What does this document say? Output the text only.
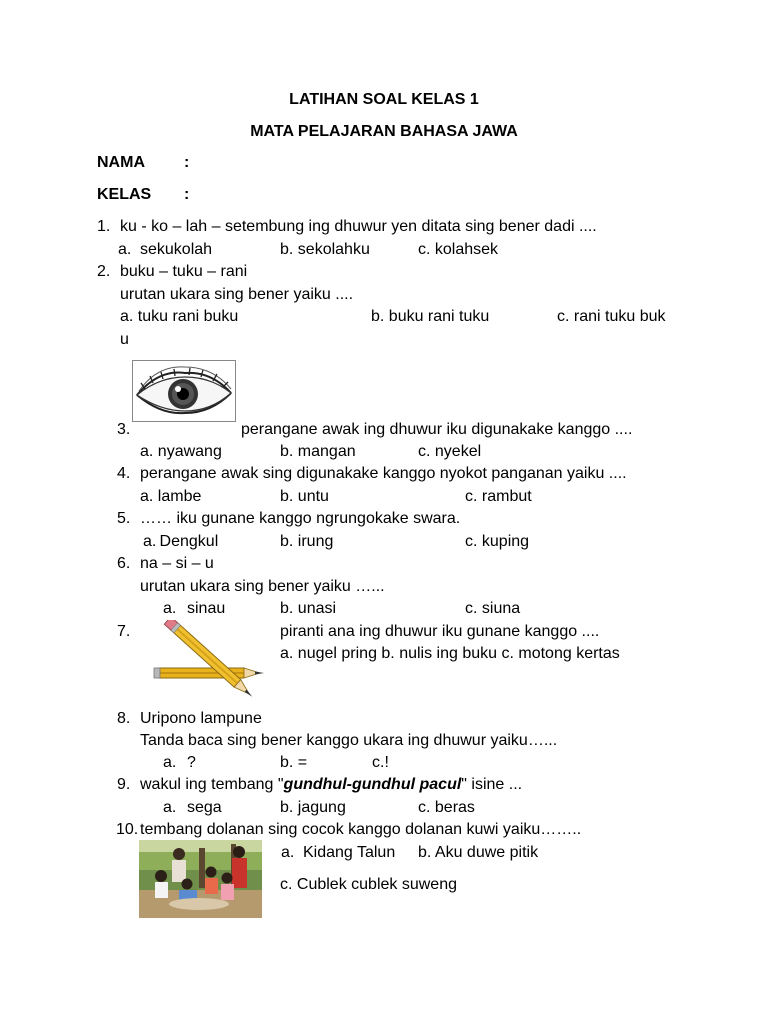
LATIHAN SOAL KELAS 1
MATA PELAJARAN BAHASA JAWA
NAMA :
KELAS :
1. ku - ko – lah – setembung ing dhuwur yen ditata sing bener dadi ....
a. sekukolah	b. sekolahku	c. kolahsek
2. buku – tuku – rani
urutan ukara sing bener yaiku ....
a. tuku rani buku	b. buku rani tuku	c. rani tuku buk
u
3.	perangane awak ing dhuwur iku digunakake kanggo ....
a. nyawang	b. mangan	c. nyekel
4. perangane awak sing digunakake kanggo nyokot panganan yaiku ....
a. lambe	b. untu	c. rambut
5. …… iku gunane kanggo ngrungokake swara.
a. Dengkul	b. irung	c. kuping
6. na – si – u
urutan ukara sing bener yaiku …...
a. sinau	b. unasi	c. siuna
7.	piranti ana ing dhuwur iku gunane kanggo ....
a. nugel pring b. nulis ing buku c. motong kertas
8. Uripono lampune
Tanda baca sing bener kanggo ukara ing dhuwur yaiku…...
a. ?	b. =	c.!
9. wakul ing tembang "gundhul-gundhul pacul" isine ...
a. sega	b. jagung	c. beras
10. tembang dolanan sing cocok kanggo dolanan kuwi yaiku……..
a. Kidang Talun b. Aku duwe pitik
c. Cublek cublek suweng
